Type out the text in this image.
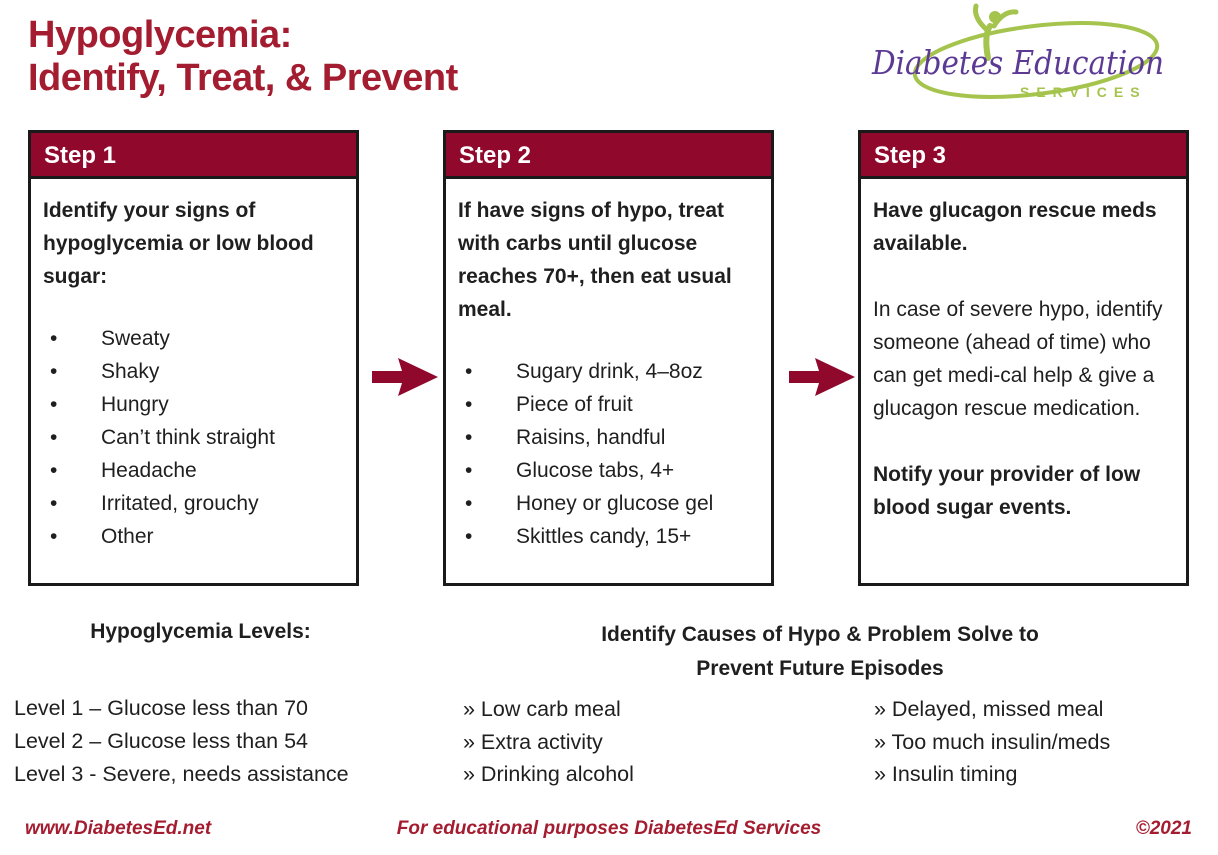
Hypoglycemia:
Identify, Treat, & Prevent	Diabetes Education
SERVICES
Step 1

Identify your signs of hypoglycemia or low blood sugar:

• Sweaty
• Shaky
• Hungry
• Can’t think straight
• Headache
• Irritated, grouchy
• Other
Step 2

If have signs of hypo, treat with carbs until glucose reaches 70+, then eat usual meal.

• Sugary drink, 4–8oz
• Piece of fruit
• Raisins, handful
• Glucose tabs, 4+
• Honey or glucose gel
• Skittles candy, 15+
Step 3

Have glucagon rescue meds available.

In case of severe hypo, identify someone (ahead of time) who can get medi-cal help & give a glucagon rescue medication.

Notify your provider of low blood sugar events.

Hypoglycemia Levels:
Level 1 – Glucose less than 70
Level 2 – Glucose less than 54
Level 3 - Severe, needs assistance
Identify Causes of Hypo & Problem Solve to
Prevent Future Episodes
» Low carb meal
» Extra activity
» Drinking alcohol
» Delayed, missed meal
» Too much insulin/meds
» Insulin timing
www.DiabetesEd.net	For educational purposes DiabetesEd Services	©2021
